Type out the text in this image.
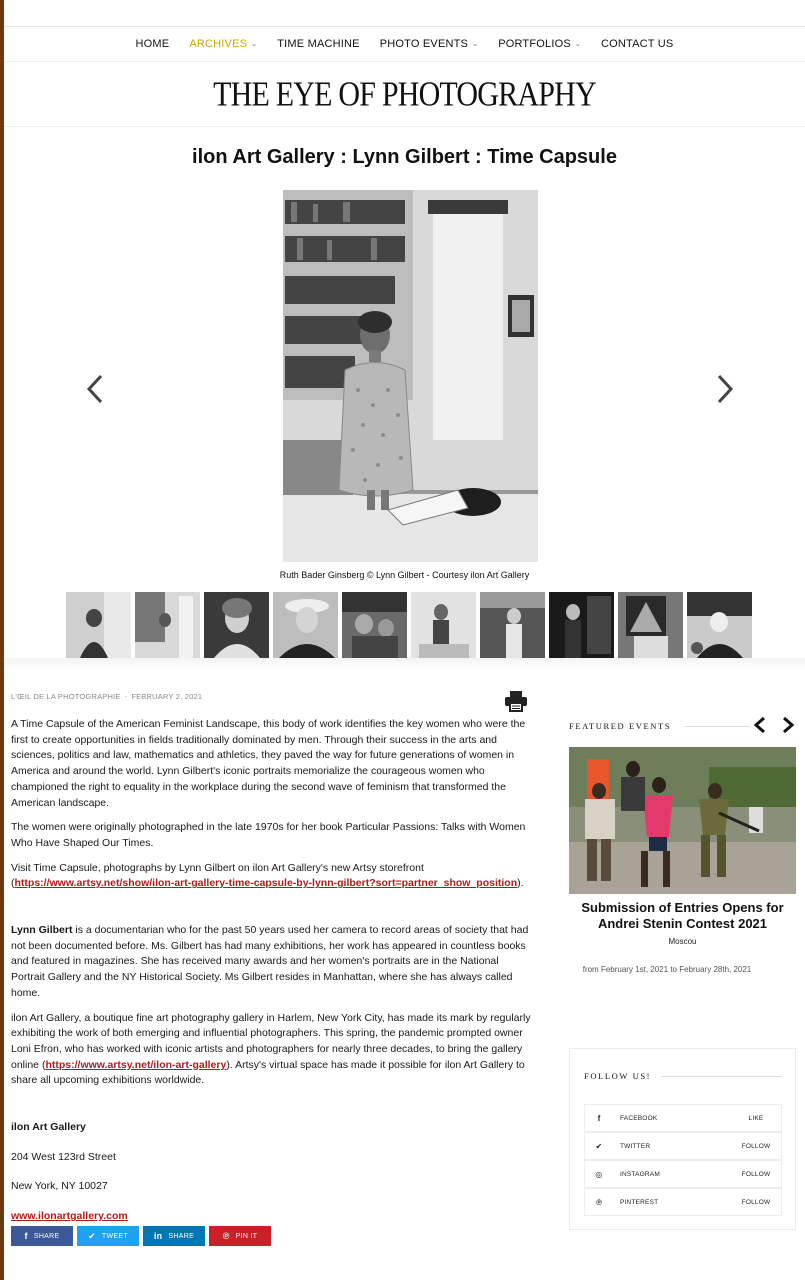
HOME ARCHIVES ⌄ TIME MACHINE PHOTO EVENTS ⌄ PORTFOLIOS ⌄ CONTACT US
THE EYE OF PHOTOGRAPHY
ilon Art Gallery : Lynn Gilbert : Time Capsule
Ruth Bader Ginsberg © Lynn Gilbert - Courtesy ilon Art Gallery
L'ŒIL DE LA PHOTOGRAPHIE - FEBRUARY 2, 2021

A Time Capsule of the American Feminist Landscape, this body of work identifies the key women who were the first to create opportunities in fields traditionally dominated by men. Through their success in the arts and sciences, politics and law, mathematics and athletics, they paved the way for future generations of women in America and around the world. Lynn Gilbert's iconic portraits memorialize the courageous women who championed the right to equality in the workplace during the second wave of feminism that transformed the American landscape.

The women were originally photographed in the late 1970s for her book Particular Passions: Talks with Women Who Have Shaped Our Times.

Visit Time Capsule, photographs by Lynn Gilbert on ilon Art Gallery's new Artsy storefront (https://www.artsy.net/show/ilon-art-gallery-time-capsule-by-lynn-gilbert?sort=partner_show_position).

Lynn Gilbert is a documentarian who for the past 50 years used her camera to record areas of society that had not been documented before. Ms. Gilbert has had many exhibitions, her work has appeared in countless books and featured in magazines. She has received many awards and her women's portraits are in the National Portrait Gallery and the NY Historical Society. Ms Gilbert resides in Manhattan, where she has always called home.

ilon Art Gallery, a boutique fine art photography gallery in Harlem, New York City, has made its mark by regularly exhibiting the work of both emerging and influential photographers. This spring, the pandemic prompted owner Loni Efron, who has worked with iconic artists and photographers for nearly three decades, to bring the gallery online (https://www.artsy.net/ilon-art-gallery). Artsy's virtual space has made it possible for ilon Art Gallery to share all upcoming exhibitions worldwide.

ilon Art Gallery

204 West 123rd Street

New York, NY 10027

www.ilonartgallery.com

f SHARE	✔ TWEET	in SHARE	℗ PIN IT
FEATURED EVENTS
Submission of Entries Opens for Andrei Stenin Contest 2021
Moscou
from February 1st, 2021 to February 28th, 2021
FOLLOW US!
f	FACEBOOK	LIKE
✔	TWITTER	FOLLOW
◎	INSTAGRAM	FOLLOW
℗	PINTEREST	FOLLOW
